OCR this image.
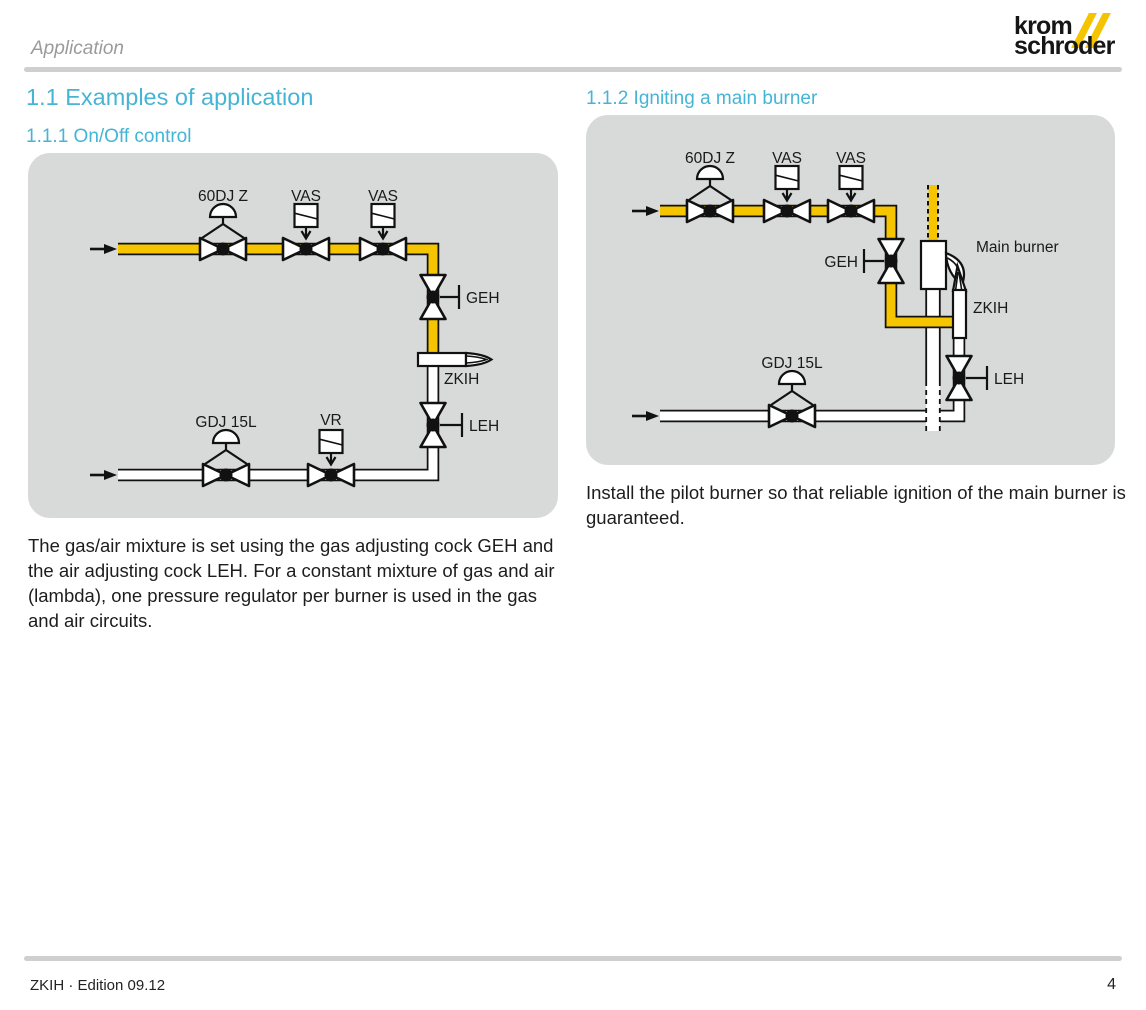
Application
krom
schroder
1.1 Examples of application
1.1.1 On/Off control
1.1.2 Igniting a main burner
60DJ Z	VAS	VAS
GEH
ZKIH
LEH
GDJ 15L	VR
60DJ Z VAS VAS
GEH
Main burner
ZKIH
GDJ 15L
LEH
The gas/air mixture is set using the gas adjusting cock GEH and the air adjusting cock LEH. For a constant mixture of gas and air (lambda), one pressure regulator per burner is used in the gas and air circuits.
Install the pilot burner so that reliable ignition of the main burner is guaranteed.
ZKIH · Edition 09.12	4
